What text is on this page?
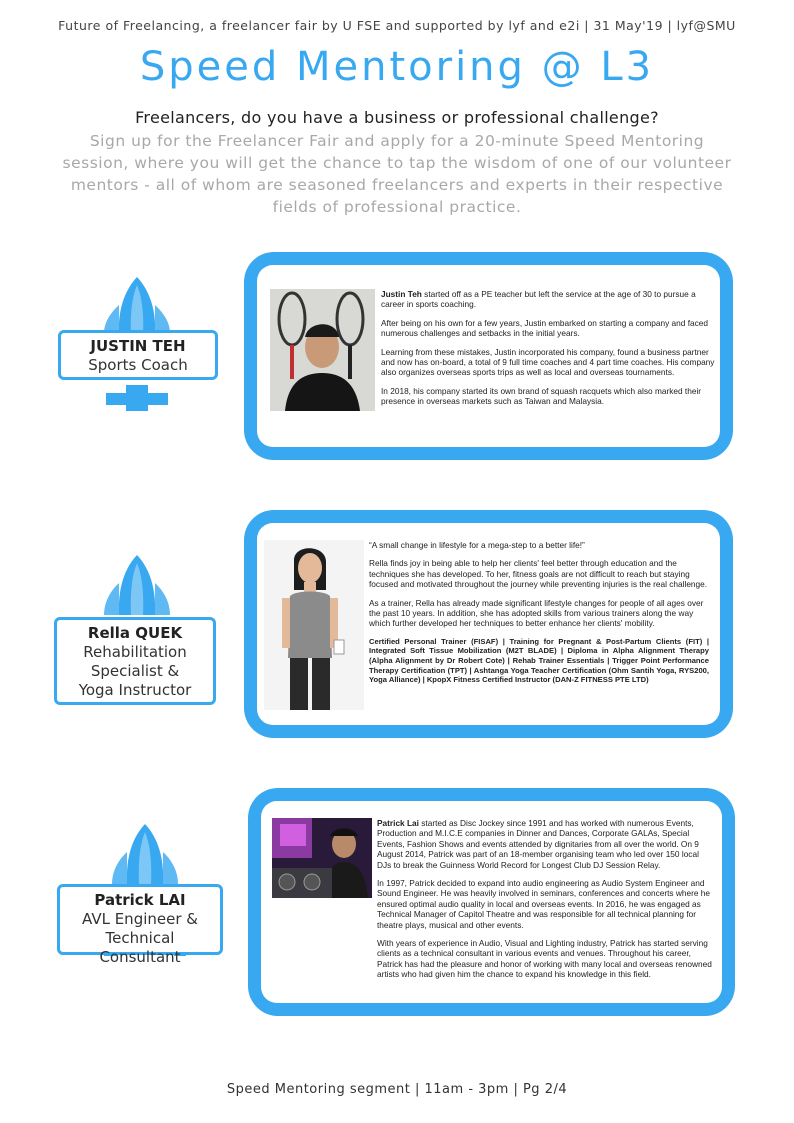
Future of Freelancing, a freelancer fair by U FSE and supported by lyf and e2i | 31 May'19 | lyf@SMU
Speed Mentoring @ L3
Freelancers, do you have a business or professional challenge?
Sign up for the Freelancer Fair and apply for a 20-minute Speed Mentoring session, where you will get the chance to tap the wisdom of one of our volunteer mentors - all of whom are seasoned freelancers and experts in their respective fields of professional practice.
JUSTIN TEH
Sports Coach

Justin Teh started off as a PE teacher but left the service at the age of 30 to pursue a career in sports coaching.

After being on his own for a few years, Justin embarked on starting a company and faced numerous challenges and setbacks in the initial years.

Learning from these mistakes, Justin incorporated his company, found a business partner and now has on-board, a total of 9 full time coaches and 4 part time coaches. His company also organizes overseas sports trips as well as local and overseas tournaments.

In 2018, his company started its own brand of squash racquets which also marked their presence in overseas markets such as Taiwan and Malaysia.

Rella QUEK
Rehabilitation
Specialist &
Yoga Instructor

“A small change in lifestyle for a mega-step to a better life!”

Rella finds joy in being able to help her clients' feel better through education and the techniques she has developed. To her, fitness goals are not difficult to reach but staying focused and motivated throughout the journey while preventing injuries is the real challenge.

As a trainer, Rella has already made significant lifestyle changes for people of all ages over the past 10 years. In addition, she has adopted skills from various trainers along the way which further developed her techniques to better enhance her clients' mobility.

Certified Personal Trainer (FISAF) | Training for Pregnant & Post-Partum Clients (FIT) | Integrated Soft Tissue Mobilization (M2T BLADE) | Diploma in Alpha Alignment Therapy (Alpha Alignment by Dr Robert Cote) | Rehab Trainer Essentials | Trigger Point Performance Therapy Certification (TPT) | Ashtanga Yoga Teacher Certification (Ohm Santih Yoga, RYS200, Yoga Alliance) | KpopX Fitness Certified Instructor (DAN-Z FITNESS PTE LTD)

Patrick LAI
AVL Engineer &
Technical Consultant

Patrick Lai started as Disc Jockey since 1991 and has worked with numerous Events, Production and M.I.C.E companies in Dinner and Dances, Corporate GALAs, Special Events, Fashion Shows and events attended by dignitaries from all over the world. On 9 August 2014, Patrick was part of an 18-member organising team who led over 150 local DJs to break the Guinness World Record for Longest Club DJ Session Relay.

In 1997, Patrick decided to expand into audio engineering as Audio System Engineer and Sound Engineer. He was heavily involved in seminars, conferences and concerts where he ensured optimal audio quality in local and overseas events. In 2016, he was engaged as Technical Manager of Capitol Theatre and was responsible for all technical planning for theatre plays, musical and other events.

With years of experience in Audio, Visual and Lighting industry, Patrick has started serving clients as a technical consultant in various events and venues. Throughout his career, Patrick has had the pleasure and honor of working with many local and overseas renowned artists who had given him the chance to expand his knowledge in this field.

Speed Mentoring segment | 11am - 3pm | Pg 2/4
